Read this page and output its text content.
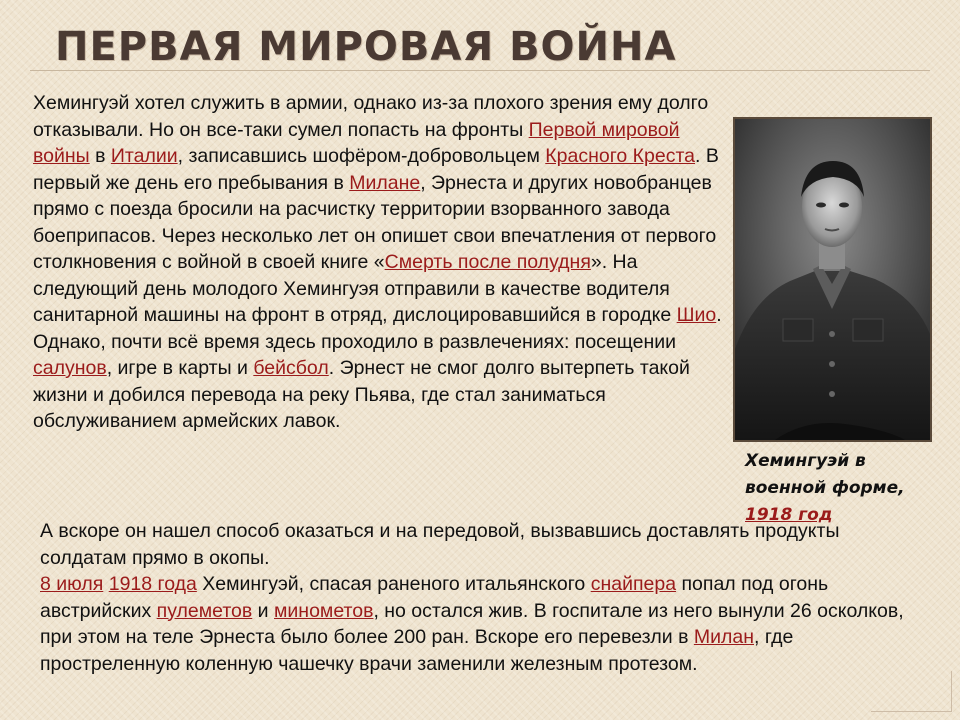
ПЕРВАЯ МИРОВАЯ ВОЙНА

Хемингуэй хотел служить в армии, однако из-за плохого зрения ему долго отказывали. Но он все-таки сумел попасть на фронты Первой мировой войны в Италии, записавшись шофёром-добровольцем Красного Креста. В первый же день его пребывания в Милане, Эрнеста и других новобранцев прямо с поезда бросили на расчистку территории взорванного завода боеприпасов. Через несколько лет он опишет свои впечатления от первого столкновения с войной в своей книге «Смерть после полудня». На следующий день молодого Хемингуэя отправили в качестве водителя санитарной машины на фронт в отряд, дислоцировавшийся в городке Шио. Однако, почти всё время здесь проходило в развлечениях: посещении салунов, игре в карты и бейсбол. Эрнест не смог долго вытерпеть такой жизни и добился перевода на реку Пьява, где стал заниматься обслуживанием армейских лавок.

Хемингуэй в военной форме, 1918 год

А вскоре он нашел способ оказаться и на передовой, вызвавшись доставлять продукты солдатам прямо в окопы.
8 июля 1918 года Хемингуэй, спасая раненого итальянского снайпера попал под огонь австрийских пулеметов и минометов, но остался жив. В госпитале из него вынули 26 осколков, при этом на теле Эрнеста было более 200 ран. Вскоре его перевезли в Милан, где простреленную коленную чашечку врачи заменили железным протезом.
